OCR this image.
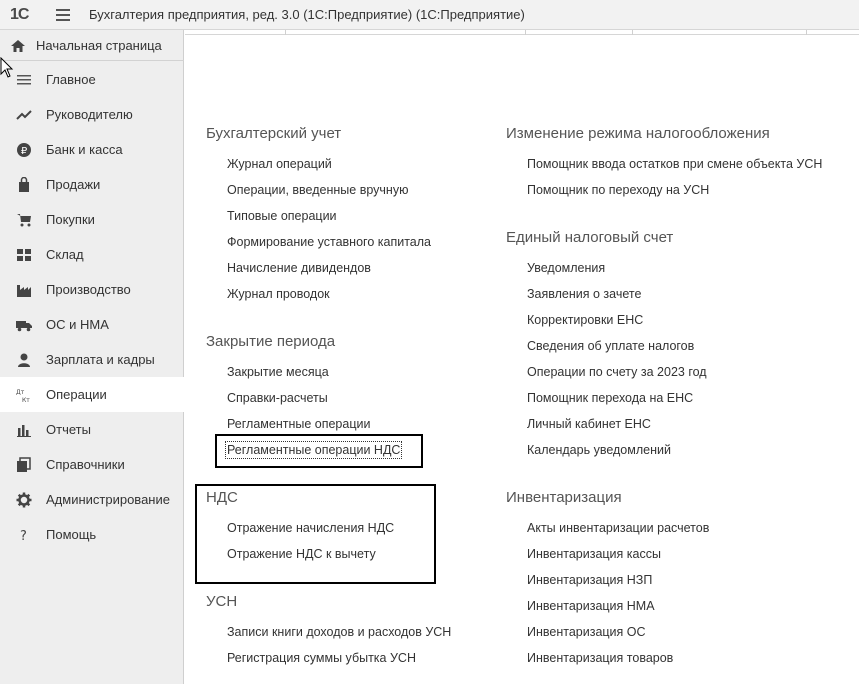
1С	Бухгалтерия предприятия, ред. 3.0 (1С:Предприятие) (1С:Предприятие)
Начальная страница
Главное
Руководителю
₽ Банк и касса
Продажи
Покупки
Склад
Производство
ОС и НМА
Зарплата и кадры
Дт
Кт Операции
Отчеты
Справочники
Администрирование
? Помощь
Бухгалтерский учет
Журнал операций
Операции, введенные вручную
Типовые операции
Формирование уставного капитала
Начисление дивидендов
Журнал проводок
Закрытие периода
Закрытие месяца
Справки-расчеты
Регламентные операции
Регламентные операции НДС
НДС
Отражение начисления НДС
Отражение НДС к вычету
УСН
Записи книги доходов и расходов УСН
Регистрация суммы убытка УСН
Изменение режима налогообложения
Помощник ввода остатков при смене объекта УСН
Помощник по переходу на УСН
Единый налоговый счет
Уведомления
Заявления о зачете
Корректировки ЕНС
Сведения об уплате налогов
Операции по счету за 2023 год
Помощник перехода на ЕНС
Личный кабинет ЕНС
Календарь уведомлений
Инвентаризация
Акты инвентаризации расчетов
Инвентаризация кассы
Инвентаризация НЗП
Инвентаризация НМА
Инвентаризация ОС
Инвентаризация товаров
